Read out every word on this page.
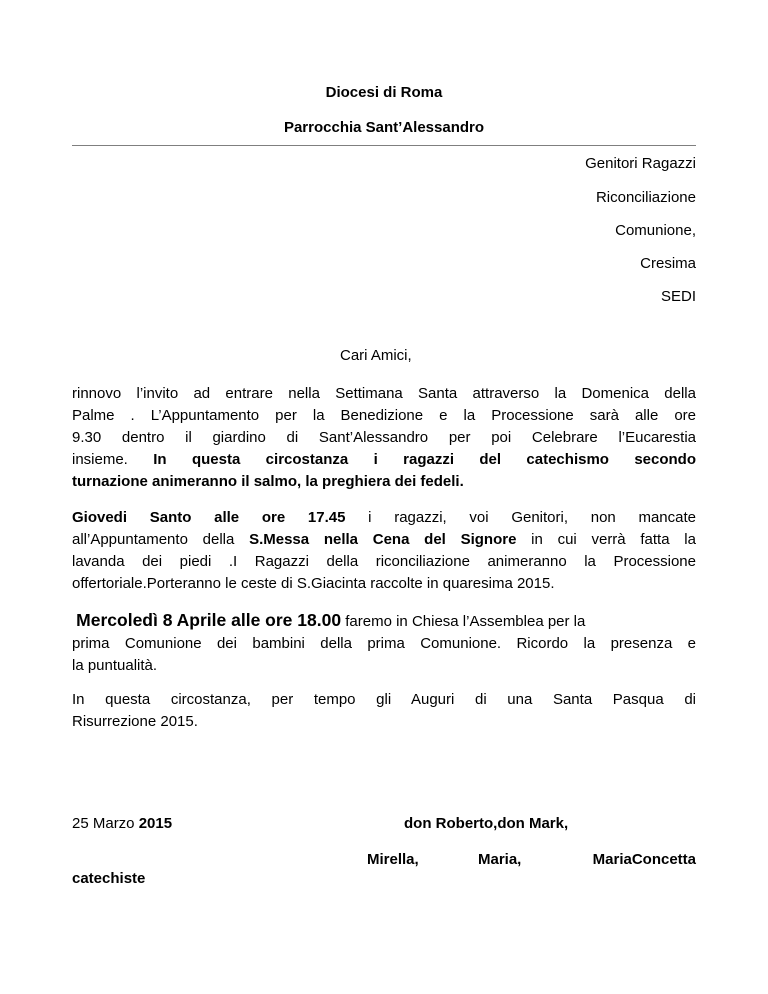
Diocesi di Roma
Parrocchia Sant’Alessandro
Genitori Ragazzi
Riconciliazione
Comunione,
Cresima
SEDI
Cari Amici,
rinnovo l’invito ad entrare nella Settimana Santa attraverso la Domenica della
Palme . L’Appuntamento per la Benedizione e la Processione sarà alle ore
9.30 dentro il giardino di Sant’Alessandro per poi Celebrare l’Eucarestia
insieme. In questa circostanza i ragazzi del catechismo secondo
turnazione animeranno il salmo, la preghiera dei fedeli.
Giovedi Santo alle ore 17.45 i ragazzi, voi Genitori, non mancate
all’Appuntamento della S.Messa nella Cena del Signore in cui verrà fatta la
lavanda dei piedi .I Ragazzi della riconciliazione animeranno la Processione
offertoriale.Porteranno le ceste di S.Giacinta raccolte in quaresima 2015.
Mercoledì 8 Aprile alle ore 18.00 faremo in Chiesa l’Assemblea per la
prima Comunione dei bambini della prima Comunione. Ricordo la presenza e
la puntualità.
In questa circostanza, per tempo gli Auguri di una Santa Pasqua di
Risurrezione 2015.
25 Marzo 2015	don Roberto,don Mark,
Mirella,	Maria,	MariaConcetta
catechiste
